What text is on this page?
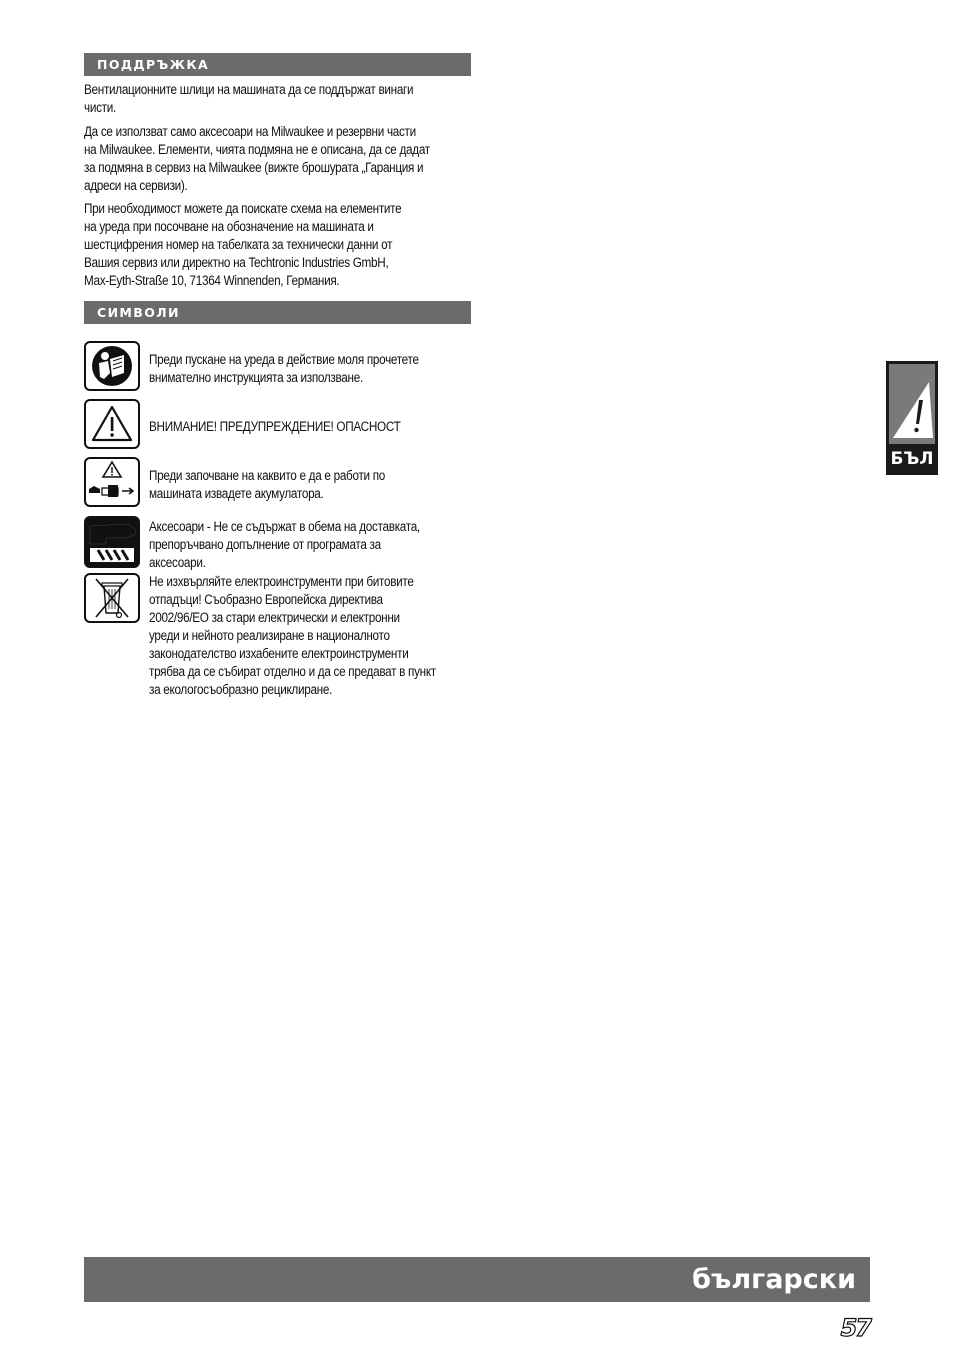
ПОДДРЪЖКА
Вентилационните шлици на машината да се поддържат винаги
чисти.
Да се използват само аксесоари на Milwaukee и резервни части
на Milwaukee. Елементи, чията подмяна не е описана, да се дадат
за подмяна в сервиз на Milwaukee (вижте брошурата „Гаранция и
адреси на сервизи).
При необходимост можете да поискате схема на елементите
на уреда при посочване на обозначение на машината и
шестцифрения номер на табелката за технически данни от
Вашия сервиз или директно на Techtronic Industries GmbH,
Max-Eyth-Straße 10, 71364 Winnenden, Германия.
СИМВОЛИ
Преди пускане на уреда в действие моля прочетете
внимателно инструкцията за използване.
ВНИМАНИЕ! ПРЕДУПРЕЖДЕНИЕ! ОПАСНОСТ
Преди започване на каквито е да е работи по
машината извадете акумулатора.
Аксесоари - Не се съдържат в обема на доставката,
препоръчвано допълнение от програмата за
аксесоари.
Не изхвърляйте електроинструменти при битовите
отпадъци! Съобразно Европейска директива
2002/96/ЕО за стари електрически и електронни
уреди и нейното реализиране в националното
законодателство изхабените електроинструменти
трябва да се събират отделно и да се предават в пункт
за екологосъобразно рециклиране.
БЪЛ
български
57
